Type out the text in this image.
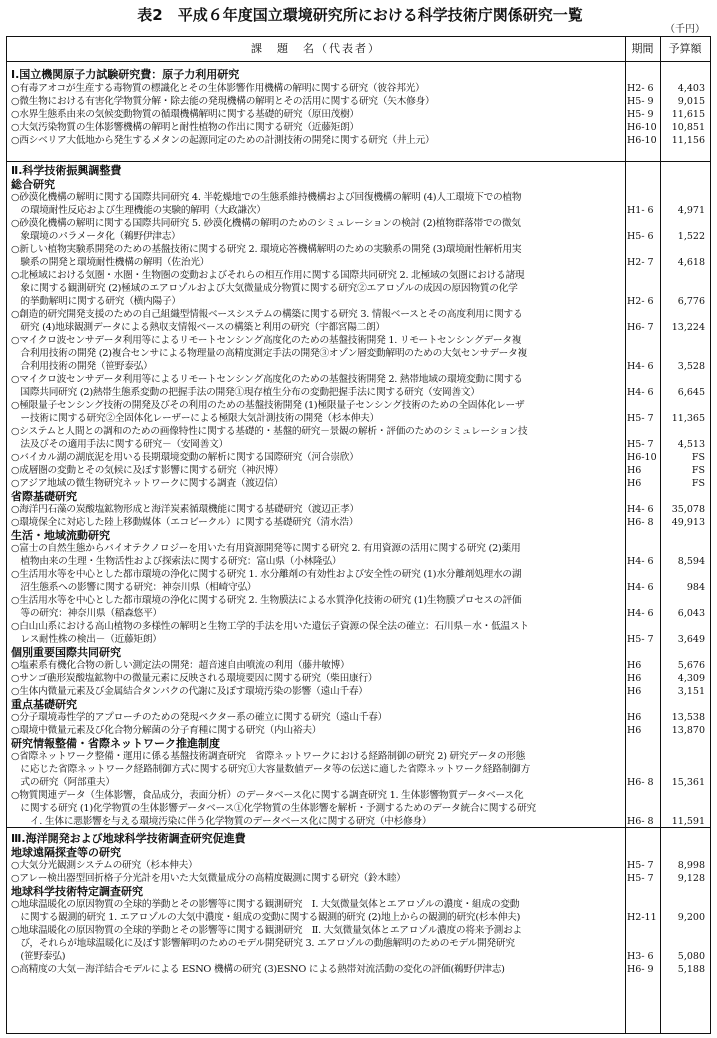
表2　平成６年度国立環境研究所における科学技術庁関係研究一覧
（千円）
課　題　名（代表者）	期間	予算額
Ⅰ.国立機関原子力試験研究費：原子力利用研究
○有毒アオコが生産する毒物質の標識化とその生体影響作用機構の解明に関する研究（彼谷邦光）	H2- 6	4,403
○微生物における有害化学物質分解・除去能の発現機構の解明とその活用に関する研究（矢木修身）	H5- 9	9,015
○水界生態系由来の気候変動物質の循環機構解明に関する基礎的研究（原田茂樹）	H5- 9	11,615
○大気汚染物質の生体影響機構の解明と耐性植物の作出に関する研究（近藤矩朗）	H6-10	10,851
○西シベリア大低地から発生するメタンの起源同定のための計測技術の開発に関する研究（井上元）	H6-10	11,156
Ⅱ.科学技術振興調整費
総合研究
○砂漠化機構の解明に関する国際共同研究 4. 半乾燥地での生態系維持機構および回復機構の解明 (4)人工環境下での植物
　の環境耐性反応および生理機能の実験的解明（大政謙次）	H1- 6	4,971
○砂漠化機構の解明に関する国際共同研究 5. 砂漠化機構の解明のためのシミュレーションの検討 (2)植物群落帯での微気
　象環境のパラメータ化（鵜野伊津志）	H5- 6	1,522
○新しい植物実験系開発のための基盤技術に関する研究 2. 環境応答機構解明のための実験系の開発 (3)環境耐性解析用実
　験系の開発と環境耐性機構の解明（佐治光）	H2- 7	4,618
○北極域における気圏・水圏・生物圏の変動およびそれらの相互作用に関する国際共同研究 2. 北極域の気圏における諸現
　象に関する観測研究 (2)極域のエアロゾルおよび大気微量成分物質に関する研究②エアロゾルの成因の原因物質の化学
　的挙動解明に関する研究（横内陽子）	H2- 6	6,776
○創造的研究開発支援のための自己組織型情報ベースシステムの構築に関する研究 3. 情報ベースとその高度利用に関する
　研究 (4)地球観測データによる熱収支情報ベースの構築と利用の研究（宇都宮陽二朗）	H6- 7	13,224
○マイクロ波センサデータ利用等によるリモートセンシング高度化のための基盤技術開発 1. リモートセンシングデータ複
　合利用技術の開発 (2)複合センサによる物理量の高精度測定手法の開発③オゾン層変動解明のための大気センサデータ複
　合利用技術の開発（笹野泰弘）	H4- 6	3,528
○マイクロ波センサデータ利用等によるリモートセンシング高度化のための基盤技術開発 2. 熱帯地域の環境変動に関する
　国際共同研究 (2)熱帯生態系変動の把握手法の開発①現存植生分布の変動把握手法に関する研究（安岡善文）	H4- 6	6,645
○極限量子センシング技術の開発及びその利用のための基盤技術開発 (1)極限量子センシング技術のための全固体化レーザ
　ー技術に関する研究②全固体化レーザーによる極限大気計測技術の開発（杉本伸夫）	H5- 7	11,365
○システムと人間との調和のための画像特性に関する基礎的・基盤的研究－景観の解析・評価のためのシミュレーション技
　法及びその適用手法に関する研究－（安岡善文）	H5- 7	4,513
○バイカル湖の湖底泥を用いる長期環境変動の解析に関する国際研究（河合崇欣）	H6-10	FS
○成層圏の変動とその気候に及ぼす影響に関する研究（神沢博）	H6	FS
○アジア地域の微生物研究ネットワークに関する調査（渡辺信）	H6	FS
省際基礎研究
○海洋円石藻の炭酸塩鉱物形成と海洋炭素循環機能に関する基礎研究（渡辺正孝）	H4- 6	35,078
○環境保全に対応した陸上移動媒体（エコビークル）に関する基礎研究（清水浩）	H6- 8	49,913
生活・地域流動研究
○富士の自然生態からバイオテクノロジーを用いた有用資源開発等に関する研究 2. 有用資源の活用に関する研究 (2)薬用
　植物由来の生理・生物活性および探索法に関する研究：富山県（小林隆弘）	H4- 6	8,594
○生活用水等を中心とした都市環境の浄化に関する研究 1. 水分離剤の有効性および安全性の研究 (1)水分離剤処理水の湖
　沼生態系への影響に関する研究：神奈川県（相崎守弘）	H4- 6	984
○生活用水等を中心とした都市環境の浄化に関する研究 2. 生物膜法による水質浄化技術の研究 (1)生物膜プロセスの評価
　等の研究：神奈川県（稲森悠平）	H4- 6	6,043
○白山山系における高山植物の多様性の解明と生物工学的手法を用いた遺伝子資源の保全法の確立：石川県－水・低温スト
　レス耐性株の検出－（近藤矩朗）	H5- 7	3,649
個別重要国際共同研究
○塩素系有機化合物の新しい測定法の開発：超音速自由噴流の利用（藤井敏博）	H6	5,676
○サンゴ礁形炭酸塩鉱物中の微量元素に反映される環境要因に関する研究（柴田康行）	H6	4,309
○生体内微量元素及び金属結合タンパクの代謝に及ぼす環境汚染の影響（遠山千春）	H6	3,151
重点基礎研究
○分子環境毒性学的アプローチのための発現ベクター系の確立に関する研究（遠山千春）	H6	13,538
○環境中微量元素及び化合物分解菌の分子育種に関する研究（内山裕夫）	H6	13,870
研究情報整備・省際ネットワーク推進制度
○省際ネットワーク整備・運用に係る基盤技術調査研究　省際ネットワークにおける経路制御の研究 2) 研究データの形態
　に応じた省際ネットワーク経路制御方式に関する研究①大容量数値データ等の伝送に適した省際ネットワーク経路制御方
　式の研究（阿部重夫）	H6- 8	15,361
○物質関連データ（生体影響，食品成分，表面分析）のデータベース化に関する調査研究 1. 生体影響物質データベース化
　に関する研究 (1)化学物質の生体影響データベース①化学物質の生体影響を解析・予測するためのデータ統合に関する研究
　　イ. 生体に悪影響を与える環境汚染に伴う化学物質のデータベース化に関する研究（中杉修身）	H6- 8	11,591
Ⅲ.海洋開発および地球科学技術調査研究促進費
地球遠隔探査等の研究
○大気分光観測システムの研究（杉本伸夫）	H5- 7	8,998
○アレー検出器型回折格子分光計を用いた大気微量成分の高精度観測に関する研究（鈴木睦）	H5- 7	9,128
地球科学技術特定調査研究
○地球温暖化の原因物質の全球的挙動とその影響等に関する観測研究　Ⅰ. 大気微量気体とエアロゾルの濃度・組成の変動
　に関する観測的研究 1. エアロゾルの大気中濃度・組成の変動に関する観測的研究 (2)地上からの観測的研究(杉本伸夫)	H2-11	9,200
○地球温暖化の原因物質の全球的挙動とその影響等に関する観測研究　Ⅱ. 大気微量気体とエアロゾル濃度の将来予測およ
　び，それらが地球温暖化に及ぼす影響解明のためのモデル開発研究 3. エアロゾルの動態解明のためのモデル開発研究
　(笹野泰弘)	H3- 6	5,080
○高精度の大気－海洋結合モデルによる ESNO 機構の研究 (3)ESNO による熱帯対流活動の変化の評価(鵜野伊津志)	H6- 9	5,188
